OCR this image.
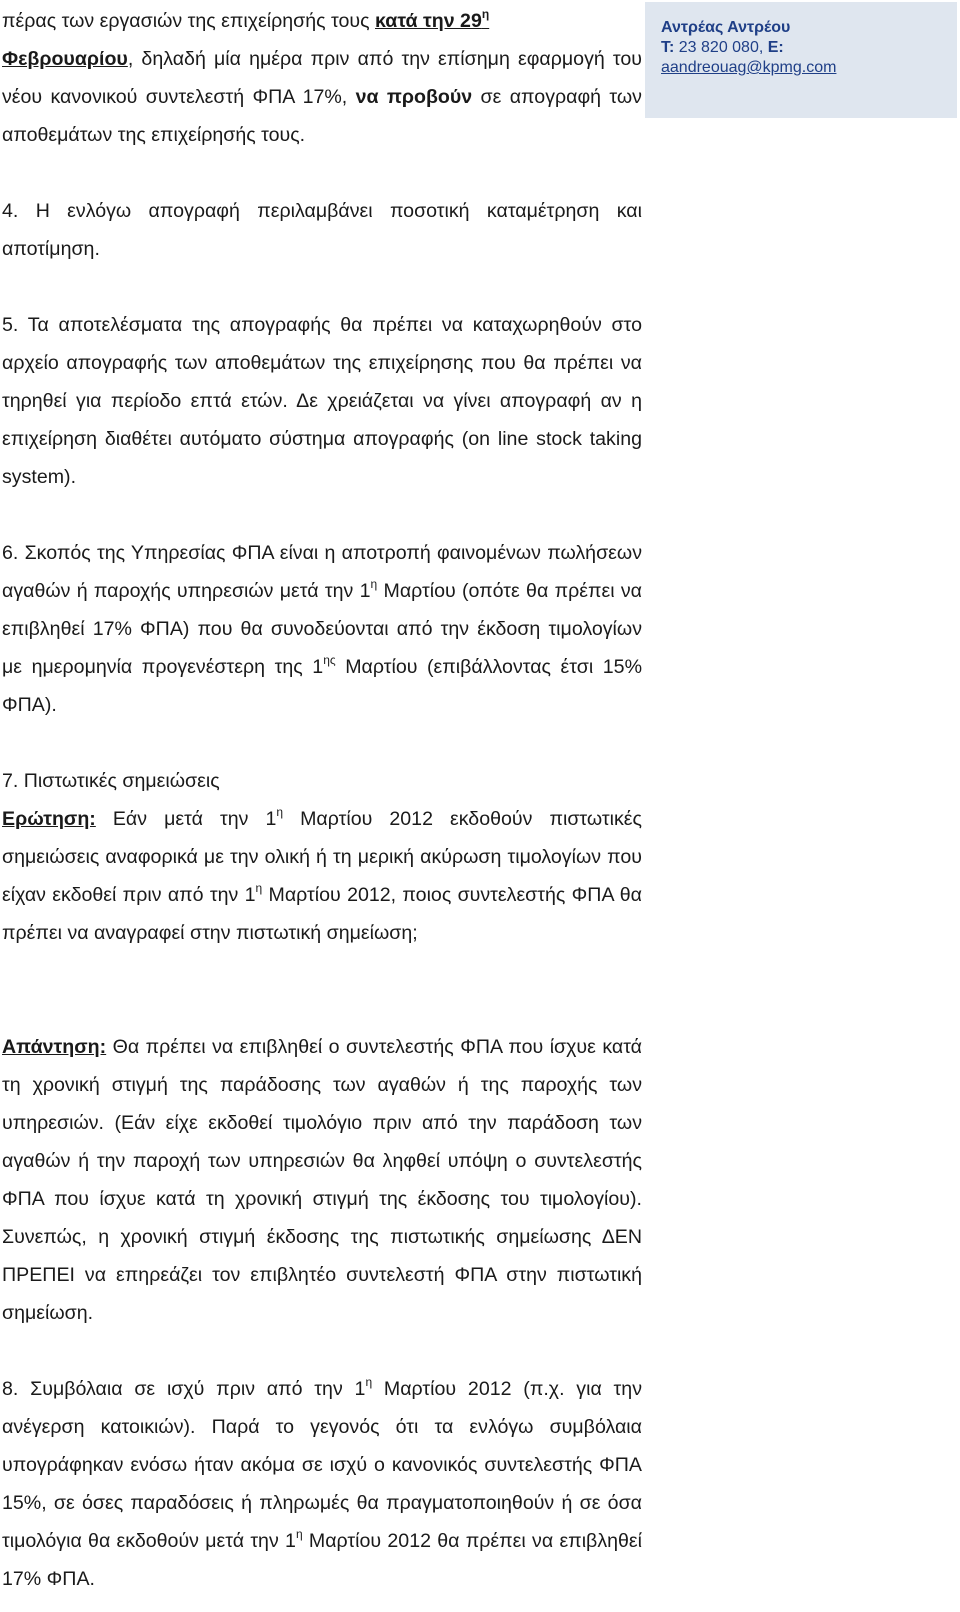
Αντρέας Αντρέου
T: 23 820 080, E:
aandreouag@kpmg.com

πέρας των εργασιών της επιχείρησής τους κατά την $29^\eta$
Φεβρουαρίου, δηλαδή μία ημέρα πριν από την επίσημη εφαρμογή του νέου κανονικού συντελεστή ΦΠΑ 17%, να προβούν σε απογραφή των αποθεμάτων της επιχείρησής τους.

4. Η ενλόγω απογραφή περιλαμβάνει ποσοτική καταμέτρηση και αποτίμηση.

5. Τα αποτελέσματα της απογραφής θα πρέπει να καταχωρηθούν στο αρχείο απογραφής των αποθεμάτων της επιχείρησης που θα πρέπει να τηρηθεί για περίοδο επτά ετών. Δε χρειάζεται να γίνει απογραφή αν η επιχείρηση διαθέτει αυτόματο σύστημα απογραφής (on line stock taking system).

6. Σκοπός της Υπηρεσίας ΦΠΑ είναι η αποτροπή φαινομένων πωλήσεων αγαθών ή παροχής υπηρεσιών μετά την $1^\eta$ Μαρτίου (οπότε θα πρέπει να επιβληθεί 17% ΦΠΑ) που θα συνοδεύονται από την έκδοση τιμολογίων με ημερομηνία προγενέστερη της $1^{\eta\varsigma}$ Μαρτίου (επιβάλλοντας έτσι 15% ΦΠΑ).

7. Πιστωτικές σημειώσεις

Ερώτηση: Εάν μετά την $1^\eta$ Μαρτίου 2012 εκδοθούν πιστωτικές σημειώσεις αναφορικά με την ολική ή τη μερική ακύρωση τιμολογίων που είχαν εκδοθεί πριν από την $1^\eta$ Μαρτίου 2012, ποιος συντελεστής ΦΠΑ θα πρέπει να αναγραφεί στην πιστωτική σημείωση;

Απάντηση: Θα πρέπει να επιβληθεί ο συντελεστής ΦΠΑ που ίσχυε κατά τη χρονική στιγμή της παράδοσης των αγαθών ή της παροχής των υπηρεσιών. (Εάν είχε εκδοθεί τιμολόγιο πριν από την παράδοση των αγαθών ή την παροχή των υπηρεσιών θα ληφθεί υπόψη ο συντελεστής ΦΠΑ που ίσχυε κατά τη χρονική στιγμή της έκδοσης του τιμολογίου). Συνεπώς, η χρονική στιγμή έκδοσης της πιστωτικής σημείωσης ΔΕΝ ΠΡΕΠΕΙ να επηρεάζει τον επιβλητέο συντελεστή ΦΠΑ στην πιστωτική σημείωση.

8. Συμβόλαια σε ισχύ πριν από την $1^\eta$ Μαρτίου 2012 (π.χ. για την ανέγερση κατοικιών). Παρά το γεγονός ότι τα ενλόγω συμβόλαια υπογράφηκαν ενόσω ήταν ακόμα σε ισχύ ο κανονικός συντελεστής ΦΠΑ 15%, σε όσες παραδόσεις ή πληρωμές θα πραγματοποιηθούν ή σε όσα τιμολόγια θα εκδοθούν μετά την $1^\eta$ Μαρτίου 2012 θα πρέπει να επιβληθεί 17% ΦΠΑ.
